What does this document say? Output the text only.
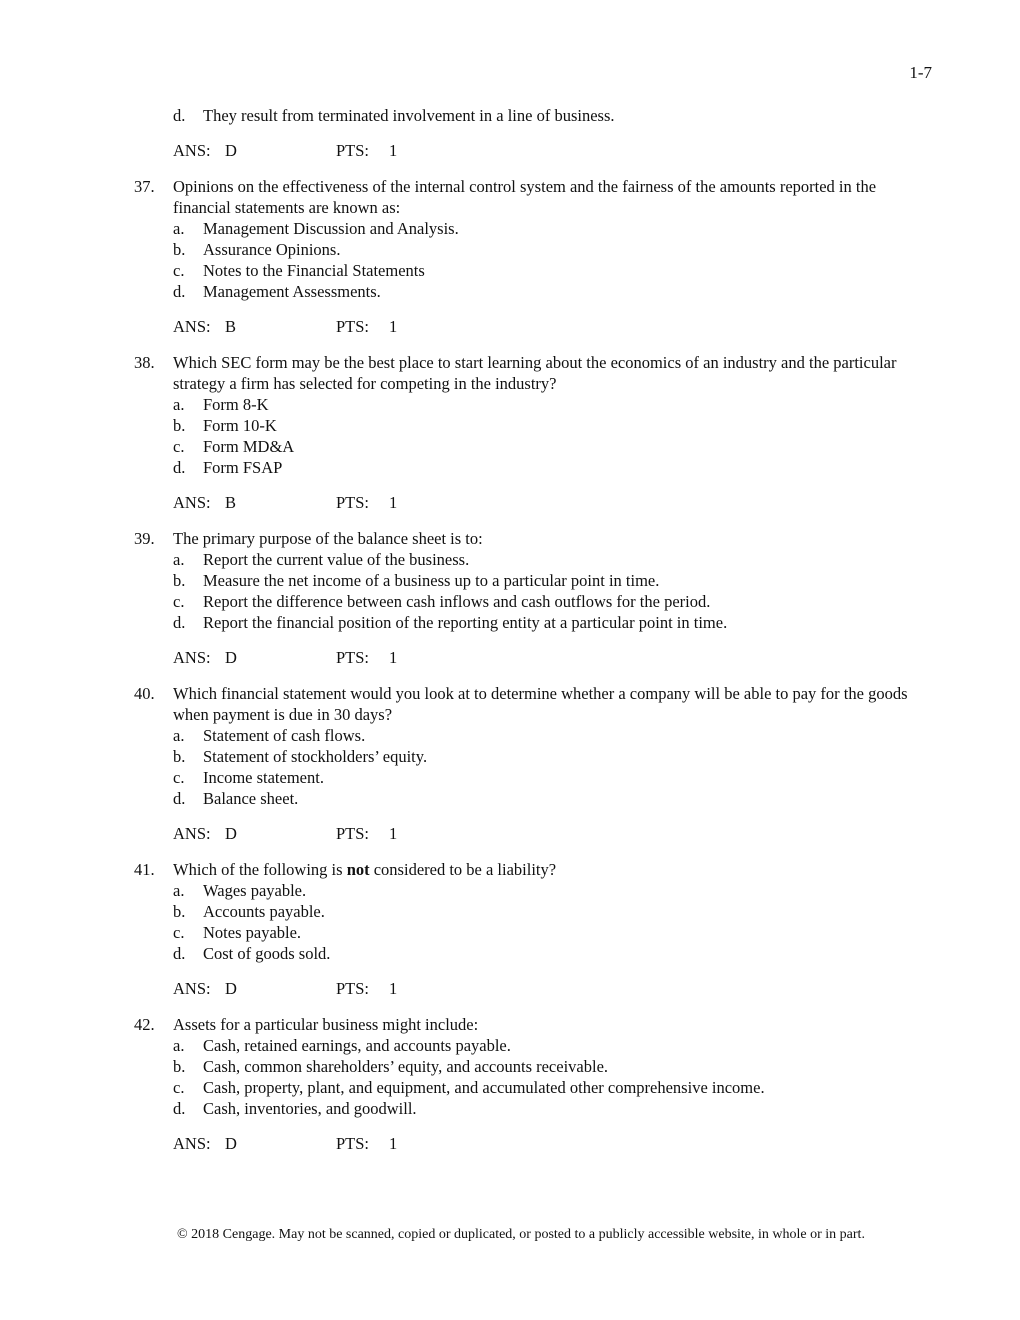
1-7
d. They result from terminated involvement in a line of business.
ANS: D	PTS: 1
37. Opinions on the effectiveness of the internal control system and the fairness of the amounts reported in the financial statements are known as:
a. Management Discussion and Analysis.
b. Assurance Opinions.
c. Notes to the Financial Statements
d. Management Assessments.
ANS: B	PTS: 1
38. Which SEC form may be the best place to start learning about the economics of an industry and the particular strategy a firm has selected for competing in the industry?
a. Form 8-K
b. Form 10-K
c. Form MD&A
d. Form FSAP
ANS: B	PTS: 1
39. The primary purpose of the balance sheet is to:
a. Report the current value of the business.
b. Measure the net income of a business up to a particular point in time.
c. Report the difference between cash inflows and cash outflows for the period.
d. Report the financial position of the reporting entity at a particular point in time.
ANS: D	PTS: 1
40. Which financial statement would you look at to determine whether a company will be able to pay for the goods when payment is due in 30 days?
a. Statement of cash flows.
b. Statement of stockholders’ equity.
c. Income statement.
d. Balance sheet.
ANS: D	PTS: 1
41. Which of the following is not considered to be a liability?
a. Wages payable.
b. Accounts payable.
c. Notes payable.
d. Cost of goods sold.
ANS: D	PTS: 1
42. Assets for a particular business might include:
a. Cash, retained earnings, and accounts payable.
b. Cash, common shareholders’ equity, and accounts receivable.
c. Cash, property, plant, and equipment, and accumulated other comprehensive income.
d. Cash, inventories, and goodwill.
ANS: D	PTS: 1
© 2018 Cengage. May not be scanned, copied or duplicated, or posted to a publicly accessible website, in whole or in part.
